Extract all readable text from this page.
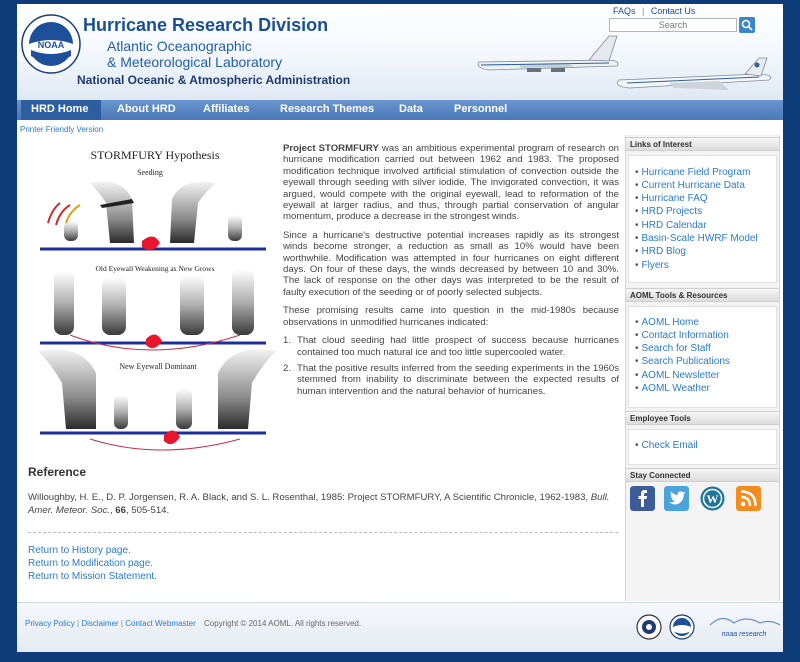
NOAA
Hurricane Research Division
Atlantic Oceanographic
& Meteorological Laboratory
National Oceanic & Atmospheric Administration
FAQs | Contact Us
Search
HRD Home	About HRD Affiliates	Research Themes Data	Personnel
Printer Friendly Version
STORMFURY Hypothesis
Seeding
Old Eyewall Weakening as New Grows
New Eyewall Dominant

Project STORMFURY was an ambitious experimental program of research on hurricane modification carried out between 1962 and 1983. The proposed modification technique involved artificial stimulation of convection outside the eyewall through seeding with silver iodide. The invigorated convection, it was argued, would compete with the original eyewall, lead to reformation of the eyewall at larger radius, and thus, through partial conservation of angular momentum, produce a decrease in the strongest winds.

Since a hurricane's destructive potential increases rapidly as its strongest winds become stronger, a reduction as small as 10% would have been worthwhile. Modification was attempted in four hurricanes on eight different days. On four of these days, the winds decreased by between 10 and 30%. The lack of response on the other days was interpreted to be the result of faulty execution of the seeding or of poorly selected subjects.

These promising results came into question in the mid-1980s because observations in unmodified hurricanes indicated:

1. That cloud seeding had little prospect of success because hurricanes contained too much natural ice and too little supercooled water.
2. That the positive results inferred from the seeding experiments in the 1960s stemmed from inability to discriminate between the expected results of human intervention and the natural behavior of hurricanes.
Reference
Willoughby, H. E., D. P. Jorgensen, R. A. Black, and S. L. Rosenthal, 1985: Project STORMFURY, A Scientific Chronicle, 1962-1983, Bull. Amer. Meteor. Soc., 66, 505-514.
Return to History page.
Return to Modification page.
Return to Mission Statement.
Links of Interest
• Hurricane Field Program
• Current Hurricane Data
• Hurricane FAQ
• HRD Projects
• HRD Calendar
• Basin-Scale HWRF Model
• HRD Blog
• Flyers
AOML Tools & Resources
• AOML Home
• Contact Information
• Search for Staff
• Search Publications
• AOML Newsletter
• AOML Weather
Employee Tools
• Check Email
Stay Connected
W
Privacy Policy | Disclaimer | Contact Webmaster Copyright © 2014 AOML. All rights reserved.
noaa research
